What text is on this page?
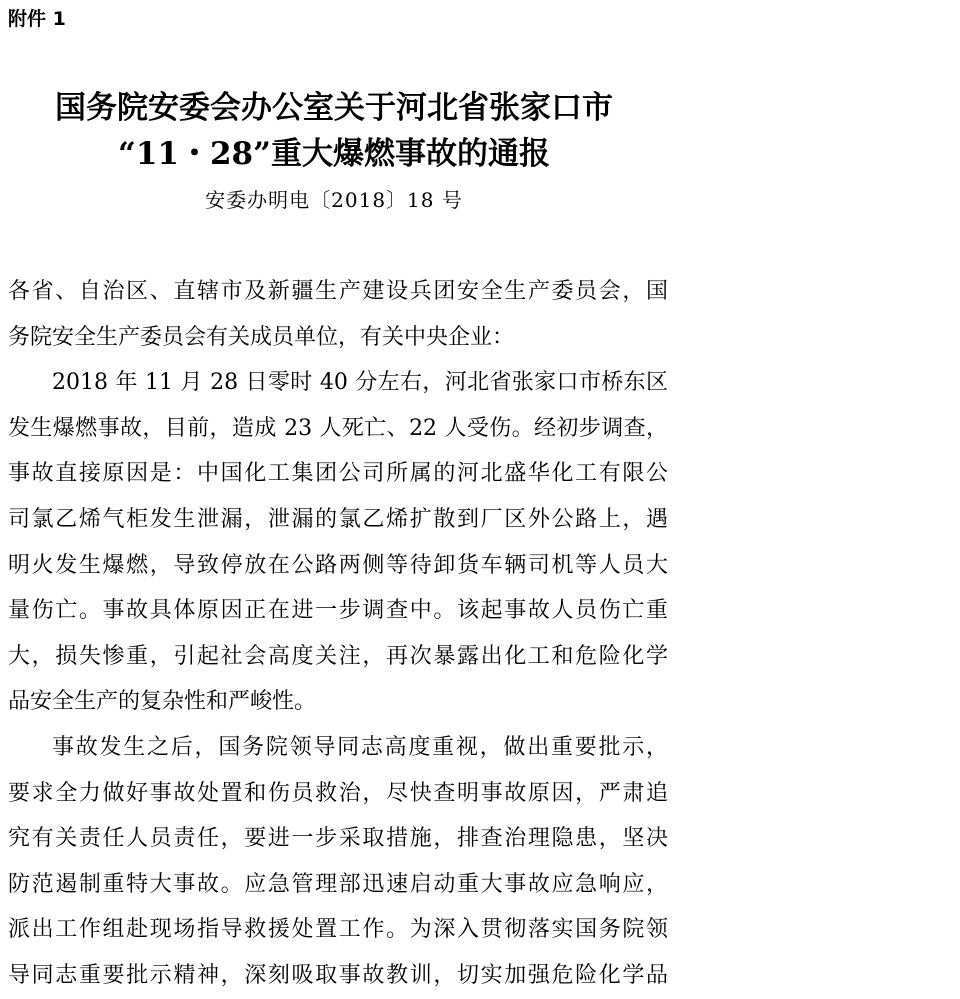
附件 1
国务院安委会办公室关于河北省张家口市
“11・28”重大爆燃事故的通报
安委办明电〔2018〕18 号
各省、自治区、直辖市及新疆生产建设兵团安全生产委员会，国
务院安全生产委员会有关成员单位，有关中央企业：
2018 年 11 月 28 日零时 40 分左右，河北省张家口市桥东区
发生爆燃事故，目前，造成 23 人死亡、22 人受伤。经初步调查，
事故直接原因是：中国化工集团公司所属的河北盛华化工有限公
司氯乙烯气柜发生泄漏，泄漏的氯乙烯扩散到厂区外公路上，遇
明火发生爆燃，导致停放在公路两侧等待卸货车辆司机等人员大
量伤亡。事故具体原因正在进一步调查中。该起事故人员伤亡重
大，损失惨重，引起社会高度关注，再次暴露出化工和危险化学
品安全生产的复杂性和严峻性。
事故发生之后，国务院领导同志高度重视，做出重要批示，
要求全力做好事故处置和伤员救治，尽快查明事故原因，严肃追
究有关责任人员责任，要进一步采取措施，排查治理隐患，坚决
防范遏制重特大事故。应急管理部迅速启动重大事故应急响应，
派出工作组赴现场指导救援处置工作。为深入贯彻落实国务院领
导同志重要批示精神，深刻吸取事故教训，切实加强危险化学品
